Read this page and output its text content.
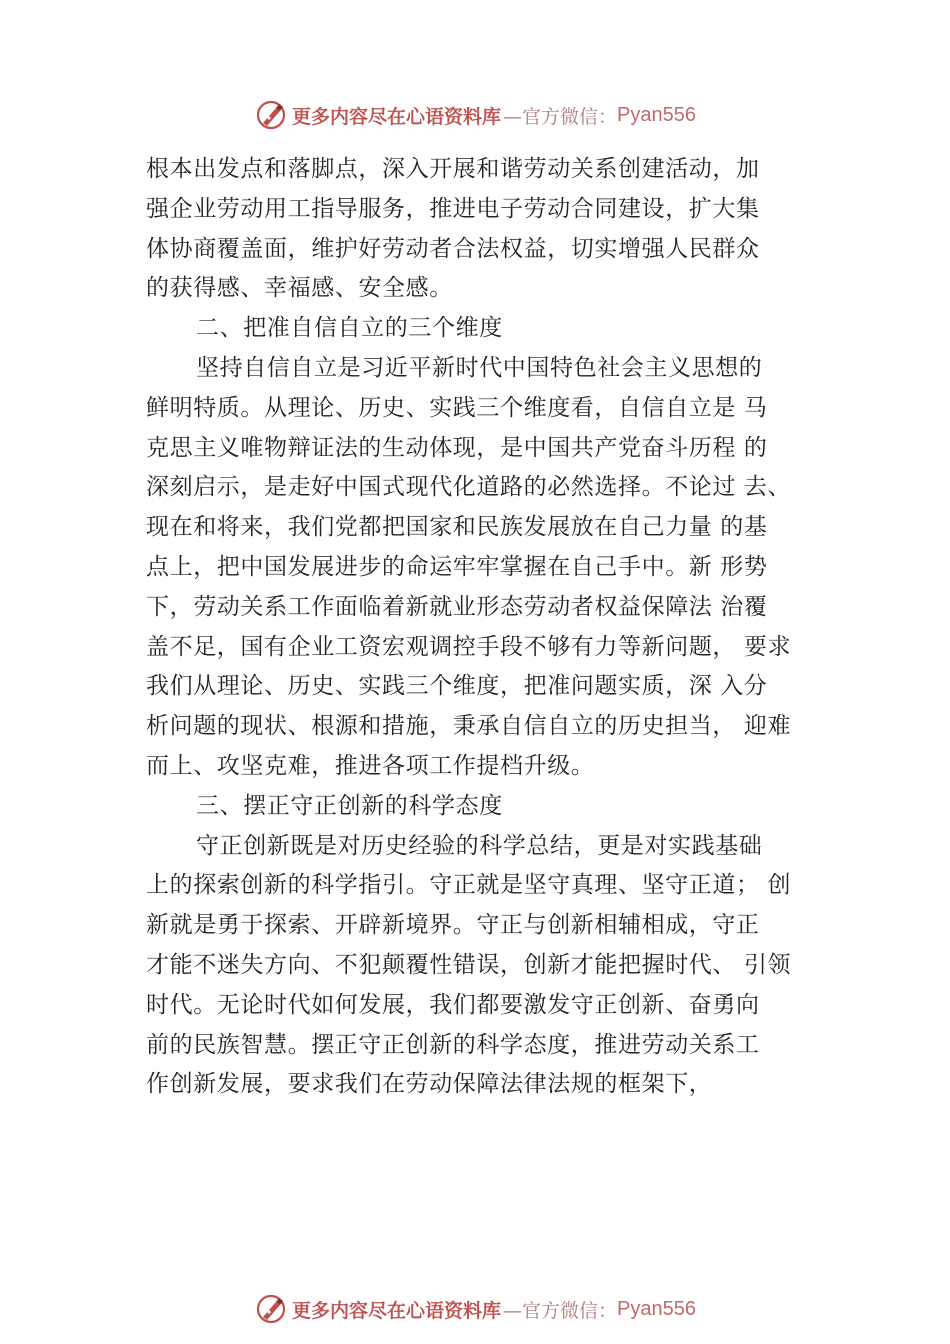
更多内容尽在心语资料库 —官方微信： Pyan556
根本出发点和落脚点，深入开展和谐劳动关系创建活动，加
强企业劳动用工指导服务，推进电子劳动合同建设，扩大集
体协商覆盖面，维护好劳动者合法权益，切实增强人民群众
的获得感、幸福感、安全感。
二、把准自信自立的三个维度
坚持自信自立是习近平新时代中国特色社会主义思想的
鲜明特质。从理论、历史、实践三个维度看，自信自立是 马
克思主义唯物辩证法的生动体现，是中国共产党奋斗历程 的
深刻启示，是走好中国式现代化道路的必然选择。不论过 去、
现在和将来，我们党都把国家和民族发展放在自己力量 的基
点上，把中国发展进步的命运牢牢掌握在自己手中。新 形势
下，劳动关系工作面临着新就业形态劳动者权益保障法 治覆
盖不足，国有企业工资宏观调控手段不够有力等新问题， 要求
我们从理论、历史、实践三个维度，把准问题实质，深 入分
析问题的现状、根源和措施，秉承自信自立的历史担当， 迎难
而上、攻坚克难，推进各项工作提档升级。
三、摆正守正创新的科学态度
守正创新既是对历史经验的科学总结，更是对实践基础
上的探索创新的科学指引。守正就是坚守真理、坚守正道； 创
新就是勇于探索、开辟新境界。守正与创新相辅相成，守正
才能不迷失方向、不犯颠覆性错误，创新才能把握时代、 引领
时代。无论时代如何发展，我们都要激发守正创新、奋勇向
前的民族智慧。摆正守正创新的科学态度，推进劳动关系工
作创新发展，要求我们在劳动保障法律法规的框架下，
更多内容尽在心语资料库 —官方微信： Pyan556
